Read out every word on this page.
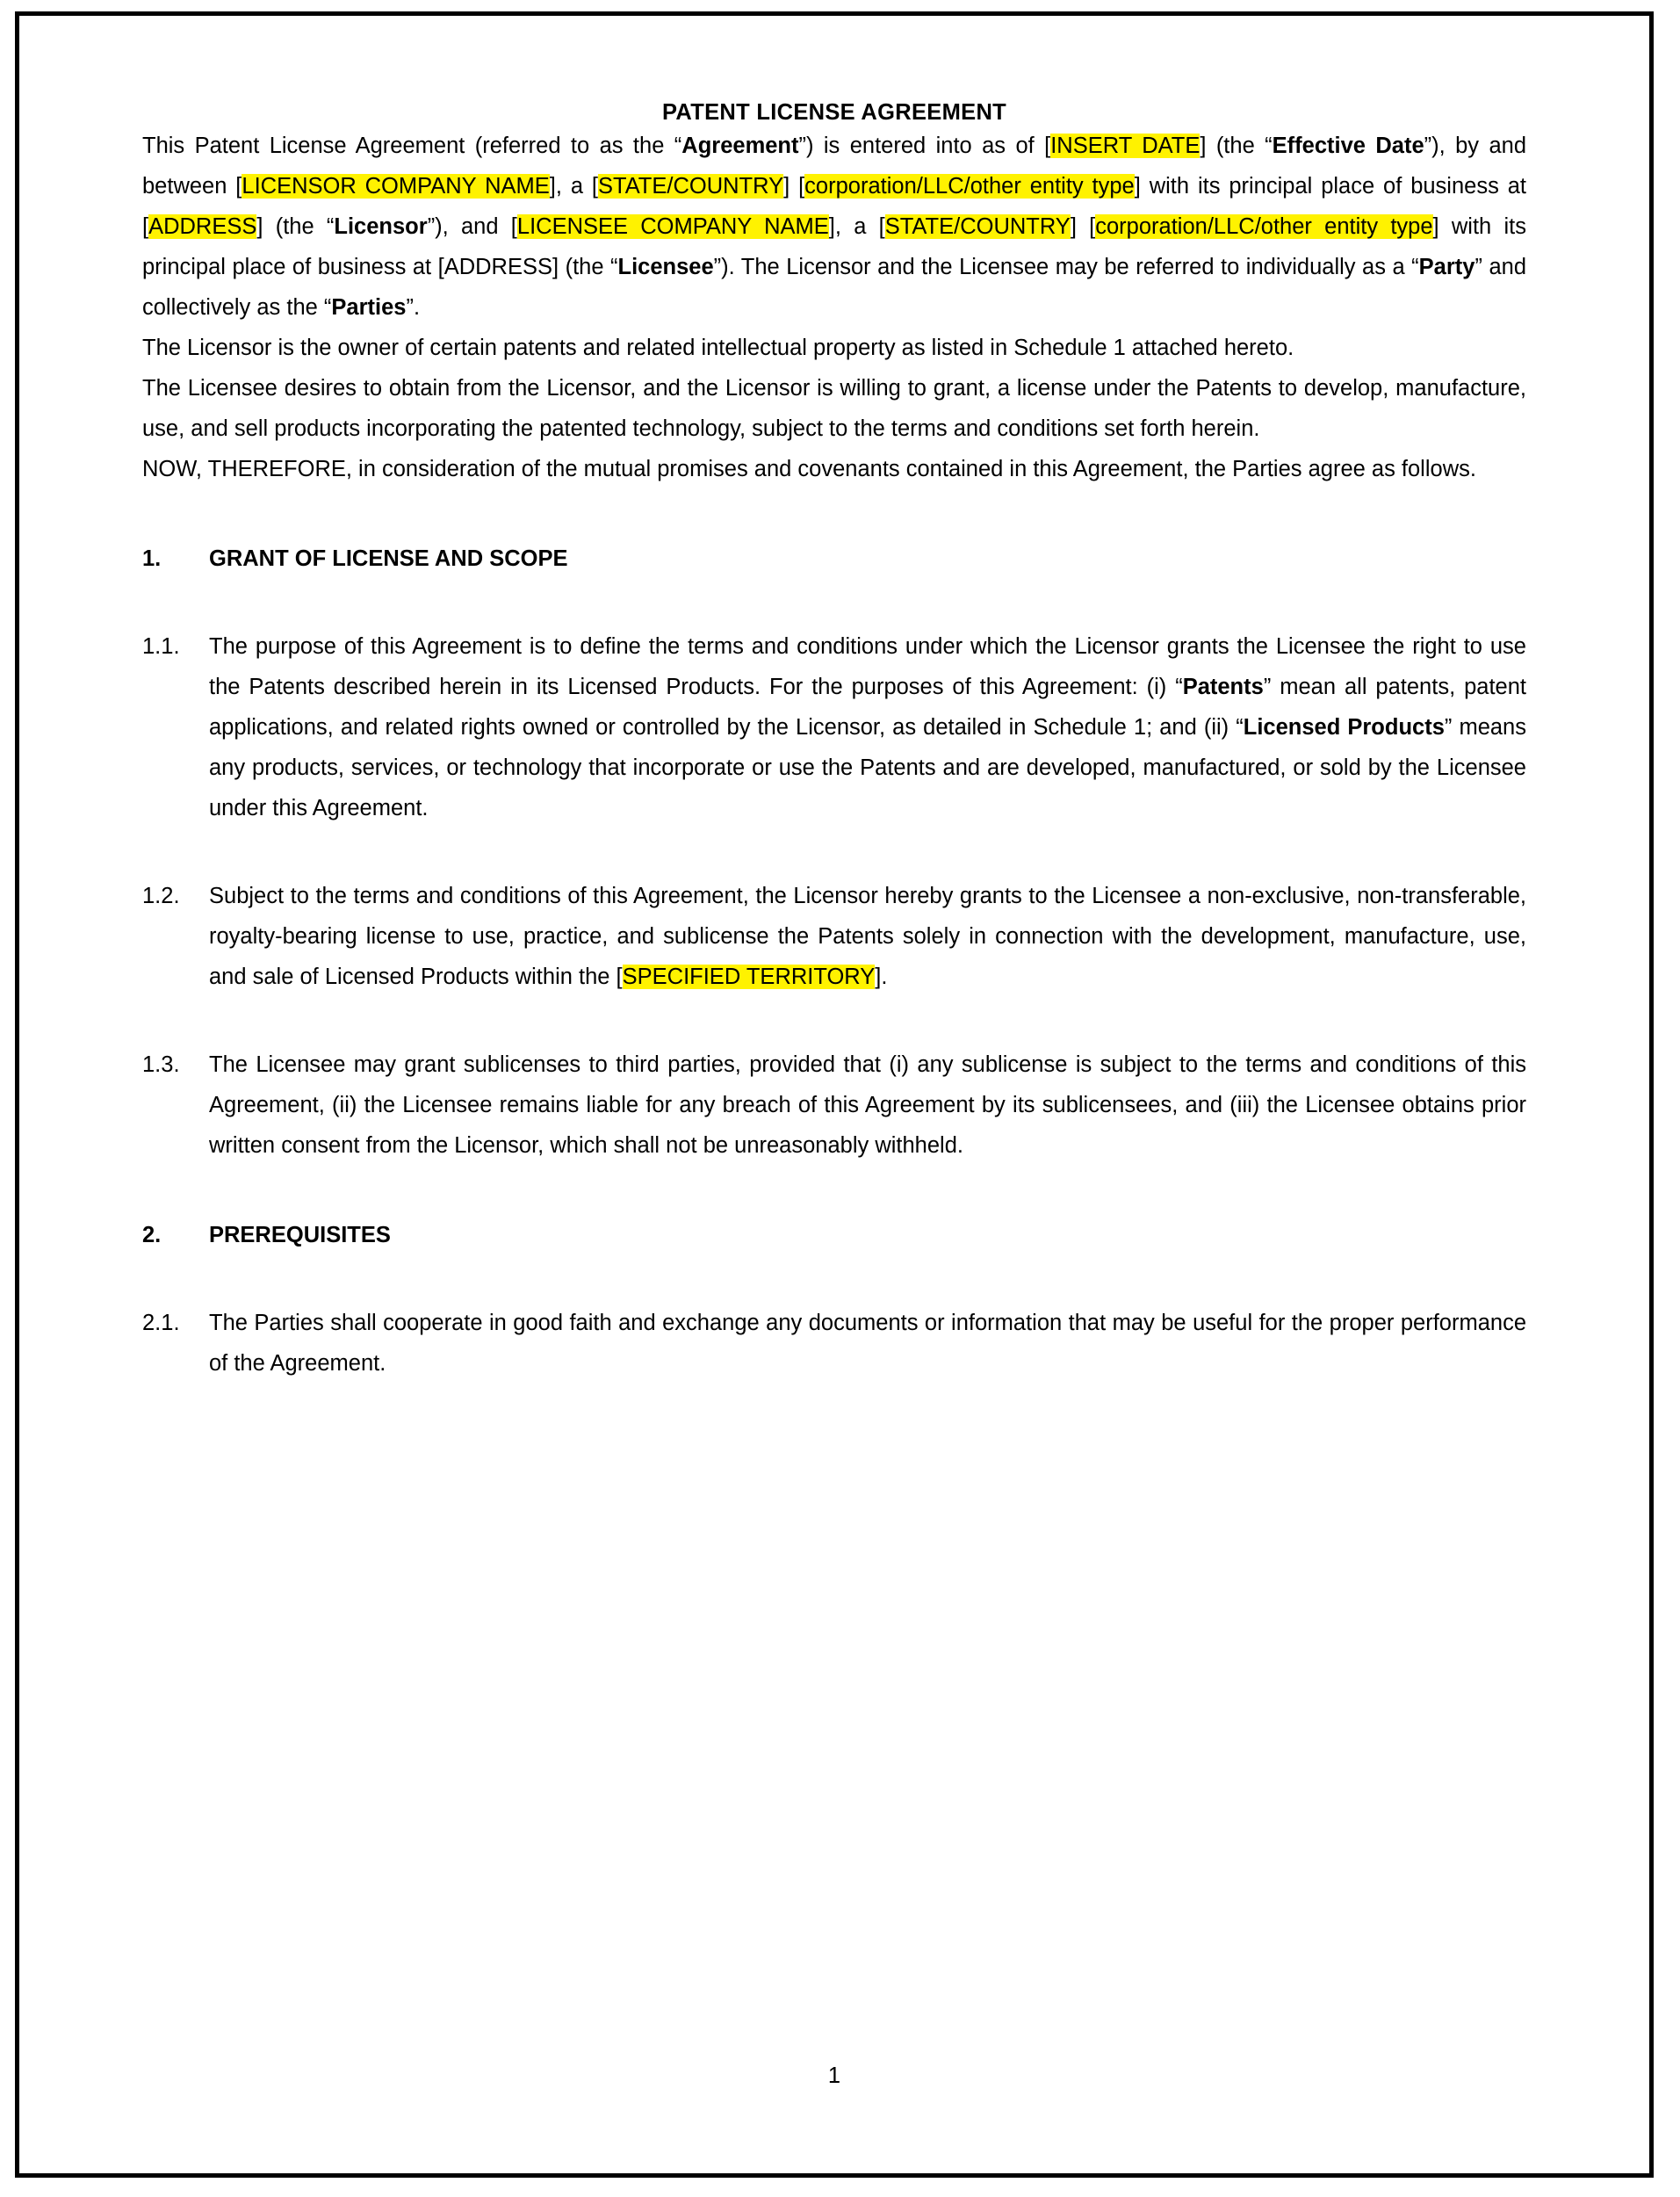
PATENT LICENSE AGREEMENT

This Patent License Agreement (referred to as the “Agreement”) is entered into as of [INSERT DATE] (the “Effective Date”), by and between [LICENSOR COMPANY NAME], a [STATE/COUNTRY] [corporation/LLC/other entity type] with its principal place of business at [ADDRESS] (the “Licensor”), and [LICENSEE COMPANY NAME], a [STATE/COUNTRY] [corporation/LLC/other entity type] with its principal place of business at [ADDRESS] (the “Licensee”). The Licensor and the Licensee may be referred to individually as a “Party” and collectively as the “Parties”.

The Licensor is the owner of certain patents and related intellectual property as listed in Schedule 1 attached hereto.

The Licensee desires to obtain from the Licensor, and the Licensor is willing to grant, a license under the Patents to develop, manufacture, use, and sell products incorporating the patented technology, subject to the terms and conditions set forth herein.

NOW, THEREFORE, in consideration of the mutual promises and covenants contained in this Agreement, the Parties agree as follows.

1.	GRANT OF LICENSE AND SCOPE
1.1.	The purpose of this Agreement is to define the terms and conditions under which the Licensor grants the Licensee the right to use the Patents described herein in its Licensed Products. For the purposes of this Agreement: (i) “Patents” mean all patents, patent applications, and related rights owned or controlled by the Licensor, as detailed in Schedule 1; and (ii) “Licensed Products” means any products, services, or technology that incorporate or use the Patents and are developed, manufactured, or sold by the Licensee under this Agreement.
1.2.	Subject to the terms and conditions of this Agreement, the Licensor hereby grants to the Licensee a non-exclusive, non-transferable, royalty-bearing license to use, practice, and sublicense the Patents solely in connection with the development, manufacture, use, and sale of Licensed Products within the [SPECIFIED TERRITORY].
1.3.	The Licensee may grant sublicenses to third parties, provided that (i) any sublicense is subject to the terms and conditions of this Agreement, (ii) the Licensee remains liable for any breach of this Agreement by its sublicensees, and (iii) the Licensee obtains prior written consent from the Licensor, which shall not be unreasonably withheld.
2.	PREREQUISITES
2.1.	The Parties shall cooperate in good faith and exchange any documents or information that may be useful for the proper performance of the Agreement.
1
